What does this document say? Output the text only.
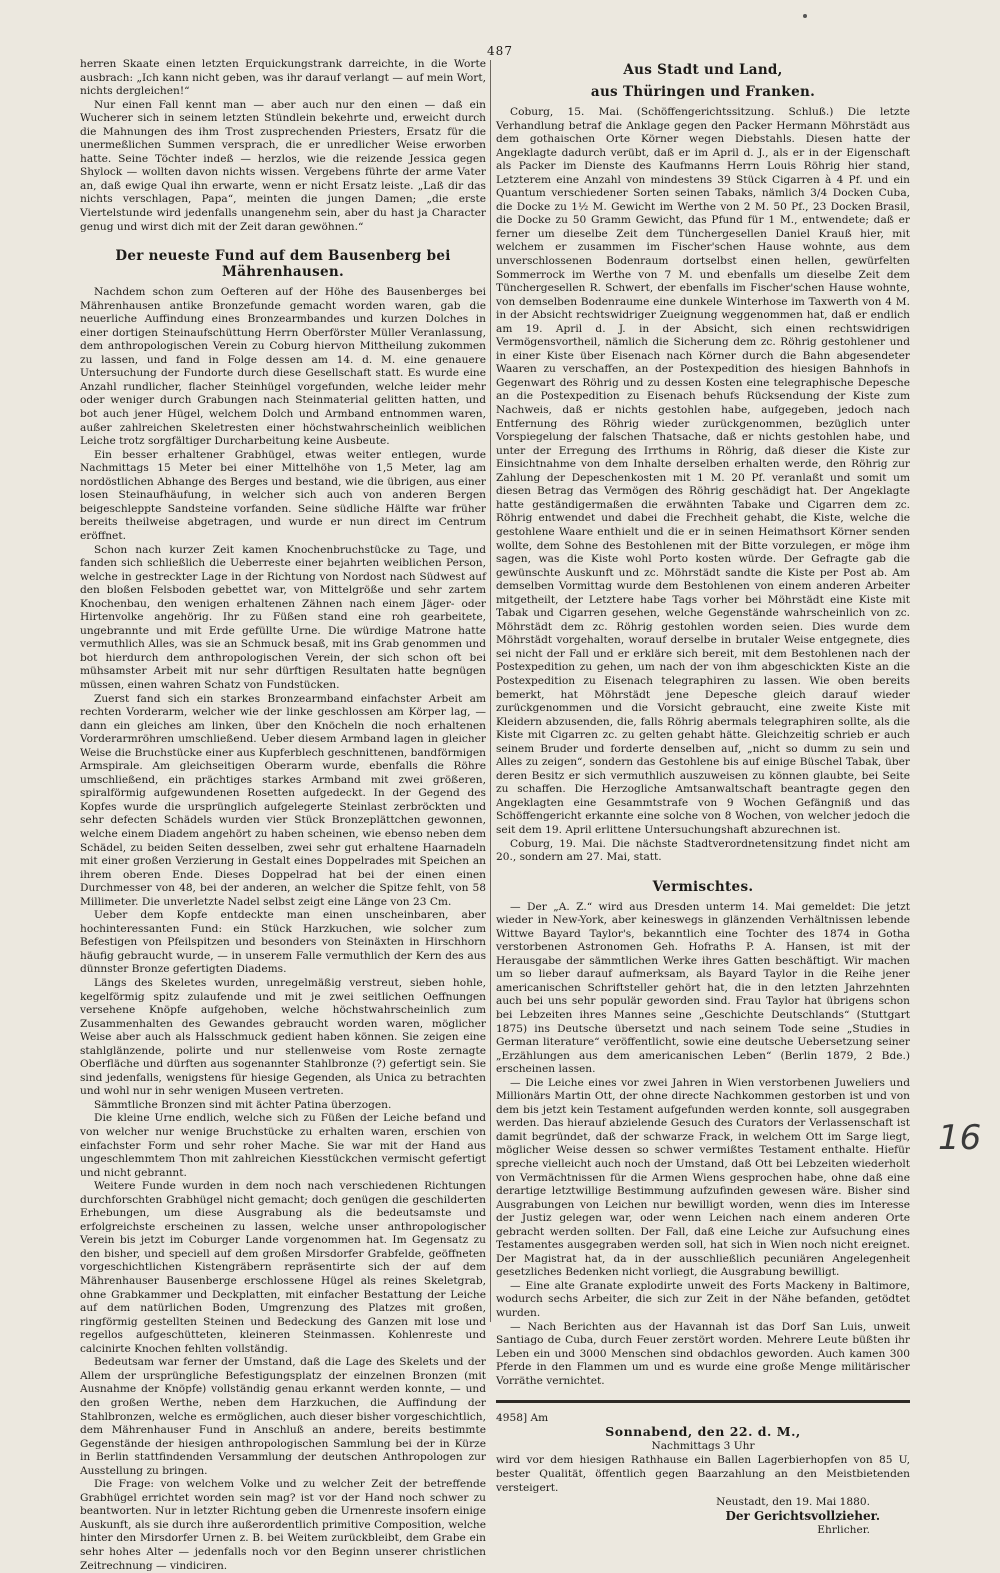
487

herren Skaate einen letzten Erquickungstrank darreichte, in die Worte ausbrach: „Ich kann nicht geben, was ihr darauf verlangt — auf mein Wort, nichts dergleichen!“

Nur einen Fall kennt man — aber auch nur den einen — daß ein Wucherer sich in seinem letzten Stündlein bekehrte und, erweicht durch die Mahnungen des ihm Trost zusprechenden Priesters, Ersatz für die unermeßlichen Summen versprach, die er unredlicher Weise erworben hatte. Seine Töchter indeß — herzlos, wie die reizende Jessica gegen Shylock — wollten davon nichts wissen. Vergebens führte der arme Vater an, daß ewige Qual ihn erwarte, wenn er nicht Ersatz leiste. „Laß dir das nichts verschlagen, Papa“, meinten die jungen Damen; „die erste Viertelstunde wird jedenfalls unangenehm sein, aber du hast ja Character genug und wirst dich mit der Zeit daran gewöhnen.“

Der neueste Fund auf dem Bausenberg bei Mährenhausen.

Nachdem schon zum Oefteren auf der Höhe des Bausenberges bei Mährenhausen antike Bronzefunde gemacht worden waren, gab die neuerliche Auffindung eines Bronzearmbandes und kurzen Dolches in einer dortigen Steinaufschüttung Herrn Oberförster Müller Veranlassung, dem anthropologischen Verein zu Coburg hiervon Mittheilung zukommen zu lassen, und fand in Folge dessen am 14. d. M. eine genauere Untersuchung der Fundorte durch diese Gesellschaft statt. Es wurde eine Anzahl rundlicher, flacher Steinhügel vorgefunden, welche leider mehr oder weniger durch Grabungen nach Steinmaterial gelitten hatten, und bot auch jener Hügel, welchem Dolch und Armband entnommen waren, außer zahlreichen Skeletresten einer höchstwahrscheinlich weiblichen Leiche trotz sorgfältiger Durcharbeitung keine Ausbeute.

Ein besser erhaltener Grabhügel, etwas weiter entlegen, wurde Nachmittags 15 Meter bei einer Mittelhöhe von 1,5 Meter, lag am nordöstlichen Abhange des Berges und bestand, wie die übrigen, aus einer losen Steinaufhäufung, in welcher sich auch von anderen Bergen beigeschleppte Sandsteine vorfanden. Seine südliche Hälfte war früher bereits theilweise abgetragen, und wurde er nun direct im Centrum eröffnet.

Schon nach kurzer Zeit kamen Knochenbruchstücke zu Tage, und fanden sich schließlich die Ueberreste einer bejahrten weiblichen Person, welche in gestreckter Lage in der Richtung von Nordost nach Südwest auf den bloßen Felsboden gebettet war, von Mittelgröße und sehr zartem Knochenbau, den wenigen erhaltenen Zähnen nach einem Jäger- oder Hirtenvolke angehörig. Ihr zu Füßen stand eine roh gearbeitete, ungebrannte und mit Erde gefüllte Urne. Die würdige Matrone hatte vermuthlich Alles, was sie an Schmuck besaß, mit ins Grab genommen und bot hierdurch dem anthropologischen Verein, der sich schon oft bei mühsamster Arbeit mit nur sehr dürftigen Resultaten hatte begnügen müssen, einen wahren Schatz von Fundstücken.

Zuerst fand sich ein starkes Bronzearmband einfachster Arbeit am rechten Vorderarm, welcher wie der linke geschlossen am Körper lag, — dann ein gleiches am linken, über den Knöcheln die noch erhaltenen Vorderarmröhren umschließend. Ueber diesem Armband lagen in gleicher Weise die Bruchstücke einer aus Kupferblech geschnittenen, bandförmigen Armspirale. Am gleichseitigen Oberarm wurde, ebenfalls die Röhre umschließend, ein prächtiges starkes Armband mit zwei größeren, spiralförmig aufgewundenen Rosetten aufgedeckt. In der Gegend des Kopfes wurde die ursprünglich aufgelegerte Steinlast zerbröckten und sehr defecten Schädels wurden vier Stück Bronzeplättchen gewonnen, welche einem Diadem angehört zu haben scheinen, wie ebenso neben dem Schädel, zu beiden Seiten desselben, zwei sehr gut erhaltene Haarnadeln mit einer großen Verzierung in Gestalt eines Doppelrades mit Speichen an ihrem oberen Ende. Dieses Doppelrad hat bei der einen einen Durchmesser von 48, bei der anderen, an welcher die Spitze fehlt, von 58 Millimeter. Die unverletzte Nadel selbst zeigt eine Länge von 23 Cm.

Ueber dem Kopfe entdeckte man einen unscheinbaren, aber hochinteressanten Fund: ein Stück Harzkuchen, wie solcher zum Befestigen von Pfeilspitzen und besonders von Steinäxten in Hirschhorn häufig gebraucht wurde, — in unserem Falle vermuthlich der Kern des aus dünnster Bronze gefertigten Diadems.

Längs des Skeletes wurden, unregelmäßig verstreut, sieben hohle, kegelförmig spitz zulaufende und mit je zwei seitlichen Oeffnungen versehene Knöpfe aufgehoben, welche höchstwahrscheinlich zum Zusammenhalten des Gewandes gebraucht worden waren, möglicher Weise aber auch als Halsschmuck gedient haben können. Sie zeigen eine stahlglänzende, polirte und nur stellenweise vom Roste zernagte Oberfläche und dürften aus sogenannter Stahlbronze (?) gefertigt sein. Sie sind jedenfalls, wenigstens für hiesige Gegenden, als Unica zu betrachten und wohl nur in sehr wenigen Museen vertreten.

Sämmtliche Bronzen sind mit ächter Patina überzogen.

Die kleine Urne endlich, welche sich zu Füßen der Leiche befand und von welcher nur wenige Bruchstücke zu erhalten waren, erschien von einfachster Form und sehr roher Mache. Sie war mit der Hand aus ungeschlemmtem Thon mit zahlreichen Kiesstückchen vermischt gefertigt und nicht gebrannt.

Weitere Funde wurden in dem noch nach verschiedenen Richtungen durchforschten Grabhügel nicht gemacht; doch genügen die geschilderten Erhebungen, um diese Ausgrabung als die bedeutsamste und erfolgreichste erscheinen zu lassen, welche unser anthropologischer Verein bis jetzt im Coburger Lande vorgenommen hat. Im Gegensatz zu den bisher, und speciell auf dem großen Mirsdorfer Grabfelde, geöffneten vorgeschichtlichen Kistengräbern repräsentirte sich der auf dem Mährenhauser Bausenberge erschlossene Hügel als reines Skeletgrab, ohne Grabkammer und Deckplatten, mit einfacher Bestattung der Leiche auf dem natürlichen Boden, Umgrenzung des Platzes mit großen, ringförmig gestellten Steinen und Bedeckung des Ganzen mit lose und regellos aufgeschütteten, kleineren Steinmassen. Kohlenreste und calcinirte Knochen fehlten vollständig.

Bedeutsam war ferner der Umstand, daß die Lage des Skelets und der Allem der ursprüngliche Befestigungsplatz der einzelnen Bronzen (mit Ausnahme der Knöpfe) vollständig genau erkannt werden konnte, — und den großen Werthe, neben dem Harzkuchen, die Auffindung der Stahlbronzen, welche es ermöglichen, auch dieser bisher vorgeschichtlich, dem Mährenhauser Fund in Anschluß an andere, bereits bestimmte Gegenstände der hiesigen anthropologischen Sammlung bei der in Kürze in Berlin stattfindenden Versammlung der deutschen Anthropologen zur Ausstellung zu bringen.

Die Frage: von welchem Volke und zu welcher Zeit der betreffende Grabhügel errichtet worden sein mag? ist vor der Hand noch schwer zu beantworten. Nur in letzter Richtung geben die Urnenreste insofern einige Auskunft, als sie durch ihre außerordentlich primitive Composition, welche hinter den Mirsdorfer Urnen z. B. bei Weitem zurückbleibt, dem Grabe ein sehr hohes Alter — jedenfalls noch vor den Beginn unserer christlichen Zeitrechnung — vindiciren.

Aus Stadt und Land,
aus Thüringen und Franken.

Coburg, 15. Mai. (Schöffengerichtssitzung. Schluß.) Die letzte Verhandlung betraf die Anklage gegen den Packer Hermann Möhrstädt aus dem gothaischen Orte Körner wegen Diebstahls. Diesen hatte der Angeklagte dadurch verübt, daß er im April d. J., als er in der Eigenschaft als Packer im Dienste des Kaufmanns Herrn Louis Röhrig hier stand, Letzterem eine Anzahl von mindestens 39 Stück Cigarren à 4 Pf. und ein Quantum verschiedener Sorten seinen Tabaks, nämlich 3/4 Docken Cuba, die Docke zu 1½ M. Gewicht im Werthe von 2 M. 50 Pf., 23 Docken Brasil, die Docke zu 50 Gramm Gewicht, das Pfund für 1 M., entwendete; daß er ferner um dieselbe Zeit dem Tünchergesellen Daniel Krauß hier, mit welchem er zusammen im Fischer'schen Hause wohnte, aus dem unverschlossenen Bodenraum dortselbst einen hellen, gewürfelten Sommerrock im Werthe von 7 M. und ebenfalls um dieselbe Zeit dem Tünchergesellen R. Schwert, der ebenfalls im Fischer'schen Hause wohnte, von demselben Bodenraume eine dunkele Winterhose im Taxwerth von 4 M. in der Absicht rechtswidriger Zueignung weggenommen hat, daß er endlich am 19. April d. J. in der Absicht, sich einen rechtswidrigen Vermögensvortheil, nämlich die Sicherung dem zc. Röhrig gestohlener und in einer Kiste über Eisenach nach Körner durch die Bahn abgesendeter Waaren zu verschaffen, an der Postexpedition des hiesigen Bahnhofs in Gegenwart des Röhrig und zu dessen Kosten eine telegraphische Depesche an die Postexpedition zu Eisenach behufs Rücksendung der Kiste zum Nachweis, daß er nichts gestohlen habe, aufgegeben, jedoch nach Entfernung des Röhrig wieder zurückgenommen, bezüglich unter Vorspiegelung der falschen Thatsache, daß er nichts gestohlen habe, und unter der Erregung des Irrthums in Röhrig, daß dieser die Kiste zur Einsichtnahme von dem Inhalte derselben erhalten werde, den Röhrig zur Zahlung der Depeschenkosten mit 1 M. 20 Pf. veranlaßt und somit um diesen Betrag das Vermögen des Röhrig geschädigt hat. Der Angeklagte hatte geständigermaßen die erwähnten Tabake und Cigarren dem zc. Röhrig entwendet und dabei die Frechheit gehabt, die Kiste, welche die gestohlene Waare enthielt und die er in seinen Heimathsort Körner senden wollte, dem Sohne des Bestohlenen mit der Bitte vorzulegen, er möge ihm sagen, was die Kiste wohl Porto kosten würde. Der Gefragte gab die gewünschte Auskunft und zc. Möhrstädt sandte die Kiste per Post ab. Am demselben Vormittag wurde dem Bestohlenen von einem anderen Arbeiter mitgetheilt, der Letztere habe Tags vorher bei Möhrstädt eine Kiste mit Tabak und Cigarren gesehen, welche Gegenstände wahrscheinlich von zc. Möhrstädt dem zc. Röhrig gestohlen worden seien. Dies wurde dem Möhrstädt vorgehalten, worauf derselbe in brutaler Weise entgegnete, dies sei nicht der Fall und er erkläre sich bereit, mit dem Bestohlenen nach der Postexpedition zu gehen, um nach der von ihm abgeschickten Kiste an die Postexpedition zu Eisenach telegraphiren zu lassen. Wie oben bereits bemerkt, hat Möhrstädt jene Depesche gleich darauf wieder zurückgenommen und die Vorsicht gebraucht, eine zweite Kiste mit Kleidern abzusenden, die, falls Röhrig abermals telegraphiren sollte, als die Kiste mit Cigarren zc. zu gelten gehabt hätte. Gleichzeitig schrieb er auch seinem Bruder und forderte denselben auf, „nicht so dumm zu sein und Alles zu zeigen“, sondern das Gestohlene bis auf einige Büschel Tabak, über deren Besitz er sich vermuthlich auszuweisen zu können glaubte, bei Seite zu schaffen. Die Herzogliche Amtsanwaltschaft beantragte gegen den Angeklagten eine Gesammtstrafe von 9 Wochen Gefängniß und das Schöffengericht erkannte eine solche von 8 Wochen, von welcher jedoch die seit dem 19. April erlittene Untersuchungshaft abzurechnen ist.

Coburg, 19. Mai. Die nächste Stadtverordnetensitzung findet nicht am 20., sondern am 27. Mai, statt.

Vermischtes.

— Der „A. Z.“ wird aus Dresden unterm 14. Mai gemeldet: Die jetzt wieder in New-York, aber keineswegs in glänzenden Verhältnissen lebende Wittwe Bayard Taylor's, bekanntlich eine Tochter des 1874 in Gotha verstorbenen Astronomen Geh. Hofraths P. A. Hansen, ist mit der Herausgabe der sämmtlichen Werke ihres Gatten beschäftigt. Wir machen um so lieber darauf aufmerksam, als Bayard Taylor in die Reihe jener americanischen Schriftsteller gehört hat, die in den letzten Jahrzehnten auch bei uns sehr populär geworden sind. Frau Taylor hat übrigens schon bei Lebzeiten ihres Mannes seine „Geschichte Deutschlands“ (Stuttgart 1875) ins Deutsche übersetzt und nach seinem Tode seine „Studies in German literature“ veröffentlicht, sowie eine deutsche Uebersetzung seiner „Erzählungen aus dem americanischen Leben“ (Berlin 1879, 2 Bde.) erscheinen lassen.

— Die Leiche eines vor zwei Jahren in Wien verstorbenen Juweliers und Millionärs Martin Ott, der ohne directe Nachkommen gestorben ist und von dem bis jetzt kein Testament aufgefunden werden konnte, soll ausgegraben werden. Das hierauf abzielende Gesuch des Curators der Verlassenschaft ist damit begründet, daß der schwarze Frack, in welchem Ott im Sarge liegt, möglicher Weise dessen so schwer vermißtes Testament enthalte. Hiefür spreche vielleicht auch noch der Umstand, daß Ott bei Lebzeiten wiederholt von Vermächtnissen für die Armen Wiens gesprochen habe, ohne daß eine derartige letztwillige Bestimmung aufzufinden gewesen wäre. Bisher sind Ausgrabungen von Leichen nur bewilligt worden, wenn dies im Interesse der Justiz gelegen war, oder wenn Leichen nach einem anderen Orte gebracht werden sollten. Der Fall, daß eine Leiche zur Aufsuchung eines Testamentes ausgegraben werden soll, hat sich in Wien noch nicht ereignet. Der Magistrat hat, da in der ausschließlich pecuniären Angelegenheit gesetzliches Bedenken nicht vorliegt, die Ausgrabung bewilligt.

— Eine alte Granate explodirte unweit des Forts Mackeny in Baltimore, wodurch sechs Arbeiter, die sich zur Zeit in der Nähe befanden, getödtet wurden.

— Nach Berichten aus der Havannah ist das Dorf San Luis, unweit Santiago de Cuba, durch Feuer zerstört worden. Mehrere Leute büßten ihr Leben ein und 3000 Menschen sind obdachlos geworden. Auch kamen 300 Pferde in den Flammen um und es wurde eine große Menge militärischer Vorräthe vernichtet.

4958] Am
Sonnabend, den 22. d. M.,
Nachmittags 3 Uhr
wird vor dem hiesigen Rathhause ein Ballen Lagerbierhopfen von 85 U, bester Qualität, öffentlich gegen Baarzahlung an den Meistbietenden versteigert.
Neustadt, den 19. Mai 1880.
Der Gerichtsvollzieher.
Ehrlicher.
16
